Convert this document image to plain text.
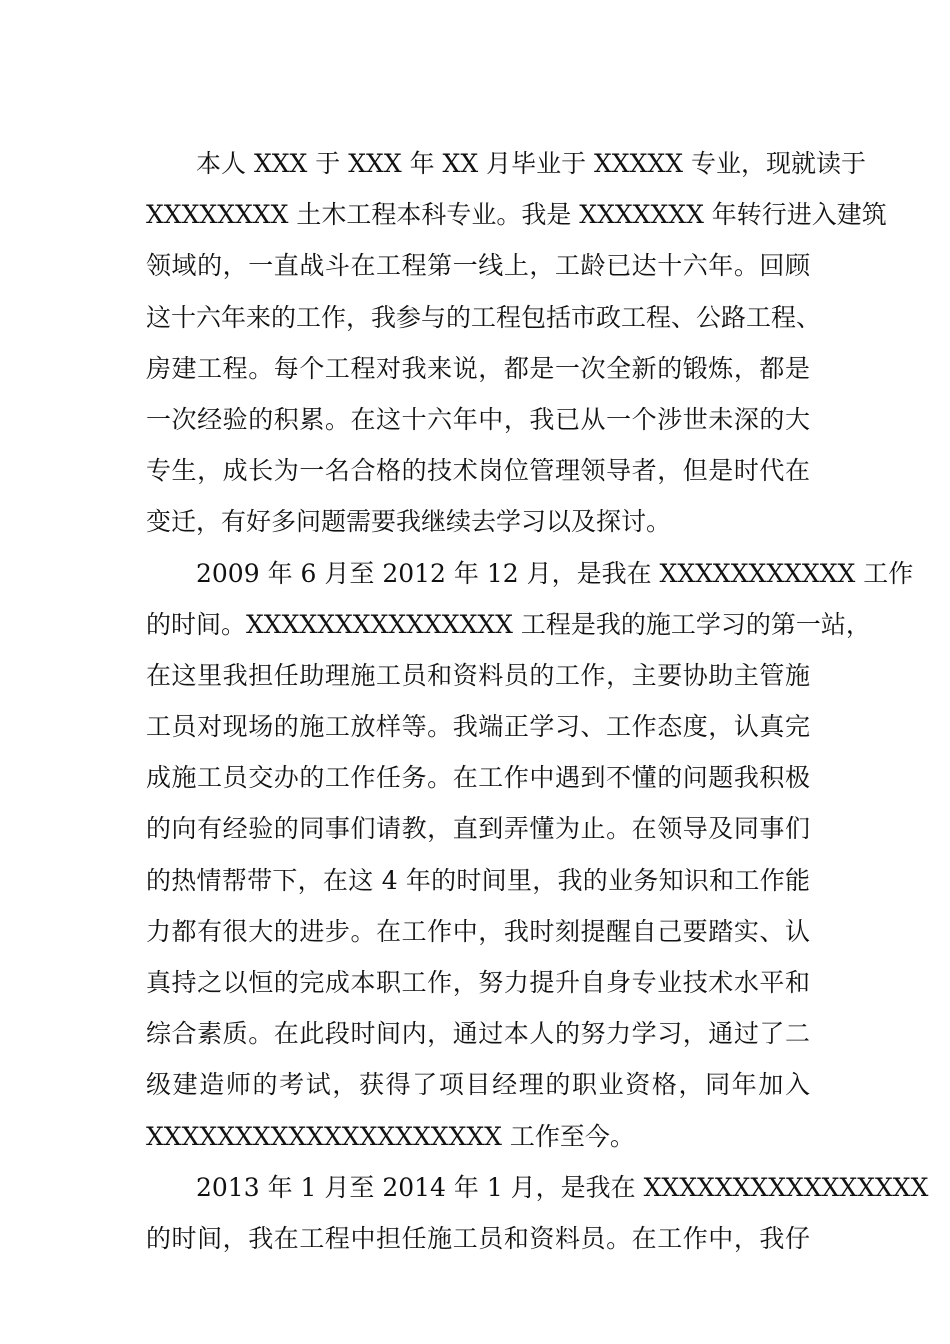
本人 XXX 于 XXX 年 XX 月毕业于 XXXXX 专业，现就读于
XXXXXXXX 土木工程本科专业。我是 XXXXXXX 年转行进入建筑
领域的，一直战斗在工程第一线上，工龄已达十六年。回顾
这十六年来的工作，我参与的工程包括市政工程、公路工程、
房建工程。每个工程对我来说，都是一次全新的锻炼，都是
一次经验的积累。在这十六年中，我已从一个涉世未深的大
专生，成长为一名合格的技术岗位管理领导者，但是时代在
变迁，有好多问题需要我继续去学习以及探讨。
2009 年 6 月至 2012 年 12 月，是我在 XXXXXXXXXXX 工作
的时间。XXXXXXXXXXXXXXX 工程是我的施工学习的第一站，
在这里我担任助理施工员和资料员的工作，主要协助主管施
工员对现场的施工放样等。我端正学习、工作态度，认真完
成施工员交办的工作任务。在工作中遇到不懂的问题我积极
的向有经验的同事们请教，直到弄懂为止。在领导及同事们
的热情帮带下，在这 4 年的时间里，我的业务知识和工作能
力都有很大的进步。在工作中，我时刻提醒自己要踏实、认
真持之以恒的完成本职工作，努力提升自身专业技术水平和
综合素质。在此段时间内，通过本人的努力学习，通过了二
级建造师的考试，获得了项目经理的职业资格，同年加入
XXXXXXXXXXXXXXXXXXXX 工作至今。
2013 年 1 月至 2014 年 1 月，是我在 XXXXXXXXXXXXXXXX
的时间，我在工程中担任施工员和资料员。在工作中，我仔
